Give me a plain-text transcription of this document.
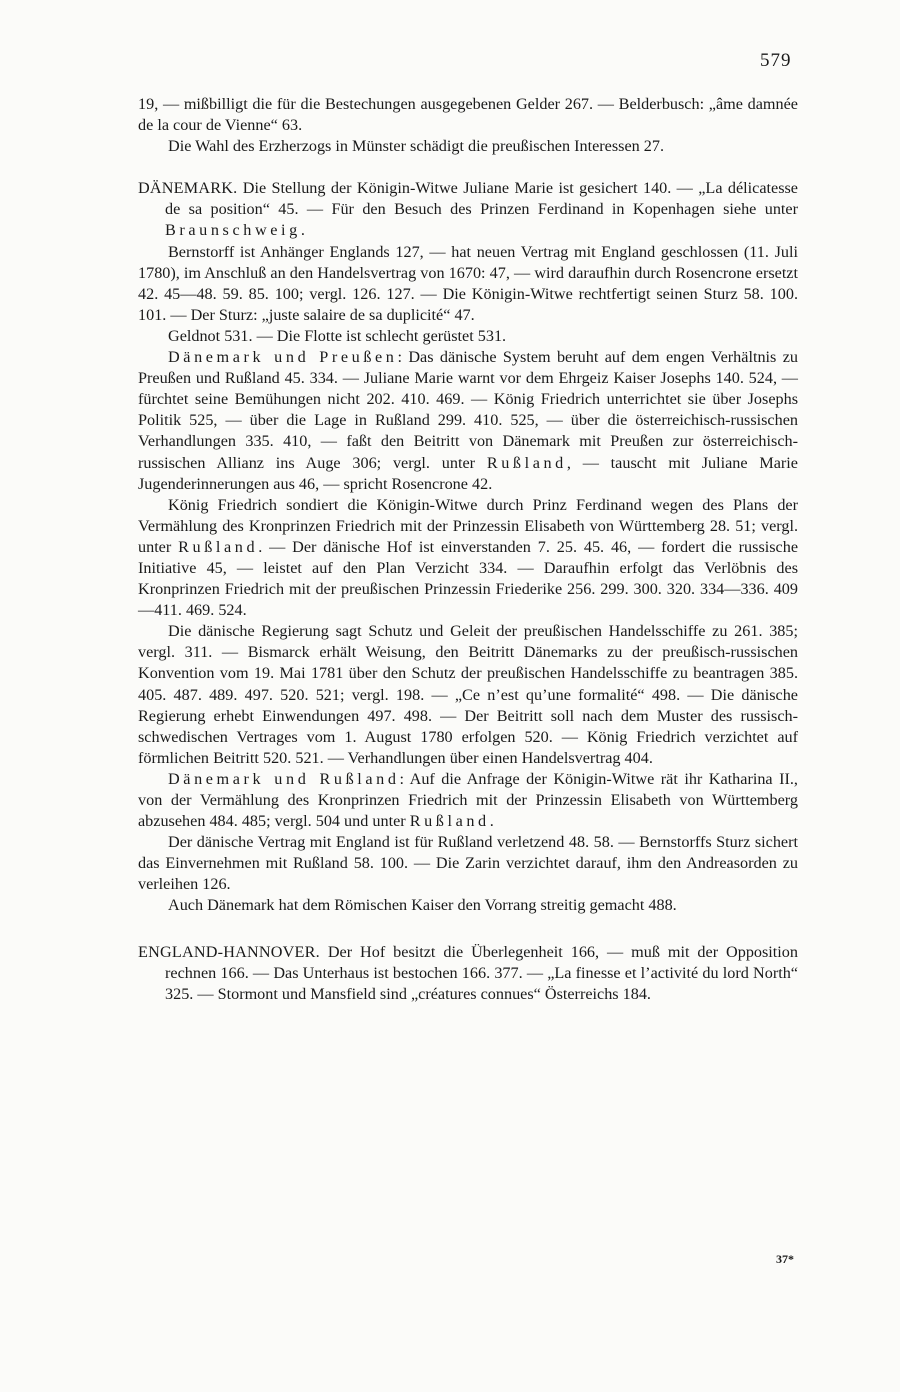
579

19, — mißbilligt die für die Bestechungen ausgegebenen Gelder 267. — Belderbusch: „âme damnée de la cour de Vienne“ 63.

Die Wahl des Erzherzogs in Münster schädigt die preußischen Interessen 27.

DÄNEMARK. Die Stellung der Königin-Witwe Juliane Marie ist gesichert 140. — „La délicatesse de sa position“ 45. — Für den Besuch des Prinzen Ferdinand in Kopenhagen siehe unter Braunschweig.

Bernstorff ist Anhänger Englands 127, — hat neuen Vertrag mit England geschlossen (11. Juli 1780), im Anschluß an den Handelsvertrag von 1670: 47, — wird daraufhin durch Rosencrone ersetzt 42. 45—48. 59. 85. 100; vergl. 126. 127. — Die Königin-Witwe rechtfertigt seinen Sturz 58. 100. 101. — Der Sturz: „juste salaire de sa duplicité“ 47.

Geldnot 531. — Die Flotte ist schlecht gerüstet 531.

Dänemark und Preußen: Das dänische System beruht auf dem engen Verhältnis zu Preußen und Rußland 45. 334. — Juliane Marie warnt vor dem Ehrgeiz Kaiser Josephs 140. 524, — fürchtet seine Bemühungen nicht 202. 410. 469. — König Friedrich unterrichtet sie über Josephs Politik 525, — über die Lage in Rußland 299. 410. 525, — über die österreichisch-russischen Verhandlungen 335. 410, — faßt den Beitritt von Dänemark mit Preußen zur österreichisch-russischen Allianz ins Auge 306; vergl. unter Rußland, — tauscht mit Juliane Marie Jugenderinnerungen aus 46, — spricht Rosencrone 42.

König Friedrich sondiert die Königin-Witwe durch Prinz Ferdinand wegen des Plans der Vermählung des Kronprinzen Friedrich mit der Prinzessin Elisabeth von Württemberg 28. 51; vergl. unter Rußland. — Der dänische Hof ist einverstanden 7. 25. 45. 46, — fordert die russische Initiative 45, — leistet auf den Plan Verzicht 334. — Daraufhin erfolgt das Verlöbnis des Kronprinzen Friedrich mit der preußischen Prinzessin Friederike 256. 299. 300. 320. 334—336. 409—411. 469. 524.

Die dänische Regierung sagt Schutz und Geleit der preußischen Handelsschiffe zu 261. 385; vergl. 311. — Bismarck erhält Weisung, den Beitritt Dänemarks zu der preußisch-russischen Konvention vom 19. Mai 1781 über den Schutz der preußischen Handelsschiffe zu beantragen 385. 405. 487. 489. 497. 520. 521; vergl. 198. — „Ce n’est qu’une formalité“ 498. — Die dänische Regierung erhebt Einwendungen 497. 498. — Der Beitritt soll nach dem Muster des russisch-schwedischen Vertrages vom 1. August 1780 erfolgen 520. — König Friedrich verzichtet auf förmlichen Beitritt 520. 521. — Verhandlungen über einen Handelsvertrag 404.

Dänemark und Rußland: Auf die Anfrage der Königin-Witwe rät ihr Katharina II., von der Vermählung des Kronprinzen Friedrich mit der Prinzessin Elisabeth von Württemberg abzusehen 484. 485; vergl. 504 und unter Rußland.

Der dänische Vertrag mit England ist für Rußland verletzend 48. 58. — Bernstorffs Sturz sichert das Einvernehmen mit Rußland 58. 100. — Die Zarin verzichtet darauf, ihm den Andreasorden zu verleihen 126.

Auch Dänemark hat dem Römischen Kaiser den Vorrang streitig gemacht 488.

ENGLAND-HANNOVER. Der Hof besitzt die Überlegenheit 166, — muß mit der Opposition rechnen 166. — Das Unterhaus ist bestochen 166. 377. — „La finesse et l’activité du lord North“ 325. — Stormont und Mansfield sind „créatures connues“ Österreichs 184.

37*
